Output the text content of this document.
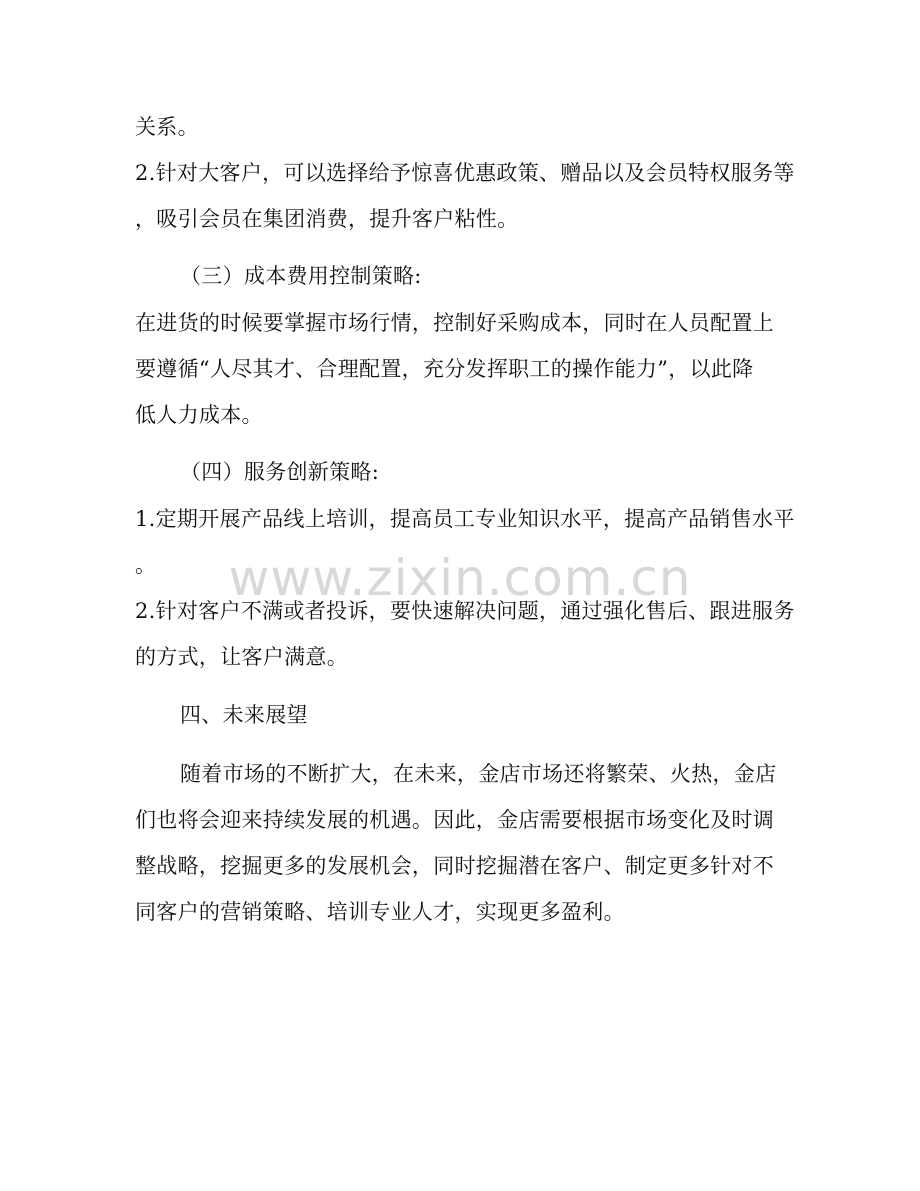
关系。
2.针对大客户，可以选择给予惊喜优惠政策、赠品以及会员特权服务等
，吸引会员在集团消费，提升客户粘性。
（三）成本费用控制策略:
在进货的时候要掌握市场行情，控制好采购成本，同时在人员配置上
要遵循“人尽其才、合理配置，充分发挥职工的操作能力”，以此降
低人力成本。
（四）服务创新策略:
1.定期开展产品线上培训，提高员工专业知识水平，提高产品销售水平
。
2.针对客户不满或者投诉，要快速解决问题，通过强化售后、跟进服务
的方式，让客户满意。
四、未来展望
随着市场的不断扩大，在未来，金店市场还将繁荣、火热，金店
们也将会迎来持续发展的机遇。因此，金店需要根据市场变化及时调
整战略，挖掘更多的发展机会，同时挖掘潜在客户、制定更多针对不
同客户的营销策略、培训专业人才，实现更多盈利。
www.zixin.com.cn
